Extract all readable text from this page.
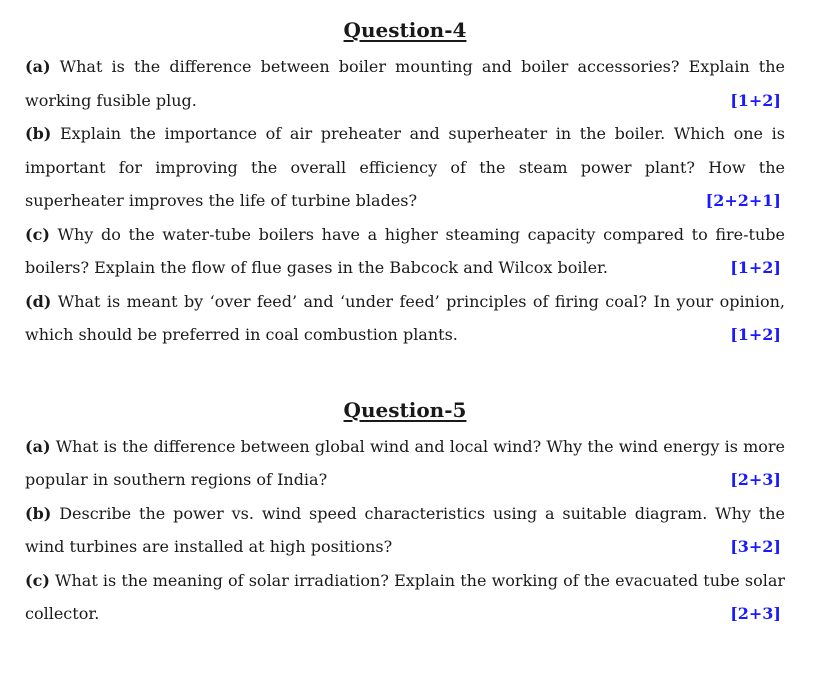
Question-4

(a) What is the difference between boiler mounting and boiler accessories? Explain the working fusible plug.	[1+2]

(b) Explain the importance of air preheater and superheater in the boiler. Which one is important for improving the overall efficiency of the steam power plant? How the superheater improves the life of turbine blades?	[2+2+1]

(c) Why do the water-tube boilers have a higher steaming capacity compared to fire-tube boilers? Explain the flow of flue gases in the Babcock and Wilcox boiler.	[1+2]

(d) What is meant by ‘over feed’ and ‘under feed’ principles of firing coal? In your opinion, which should be preferred in coal combustion plants.	[1+2]

Question-5

(a) What is the difference between global wind and local wind? Why the wind energy is more popular in southern regions of India?	[2+3]

(b) Describe the power vs. wind speed characteristics using a suitable diagram. Why the wind turbines are installed at high positions?	[3+2]

(c) What is the meaning of solar irradiation? Explain the working of the evacuated tube solar collector.	[2+3]
